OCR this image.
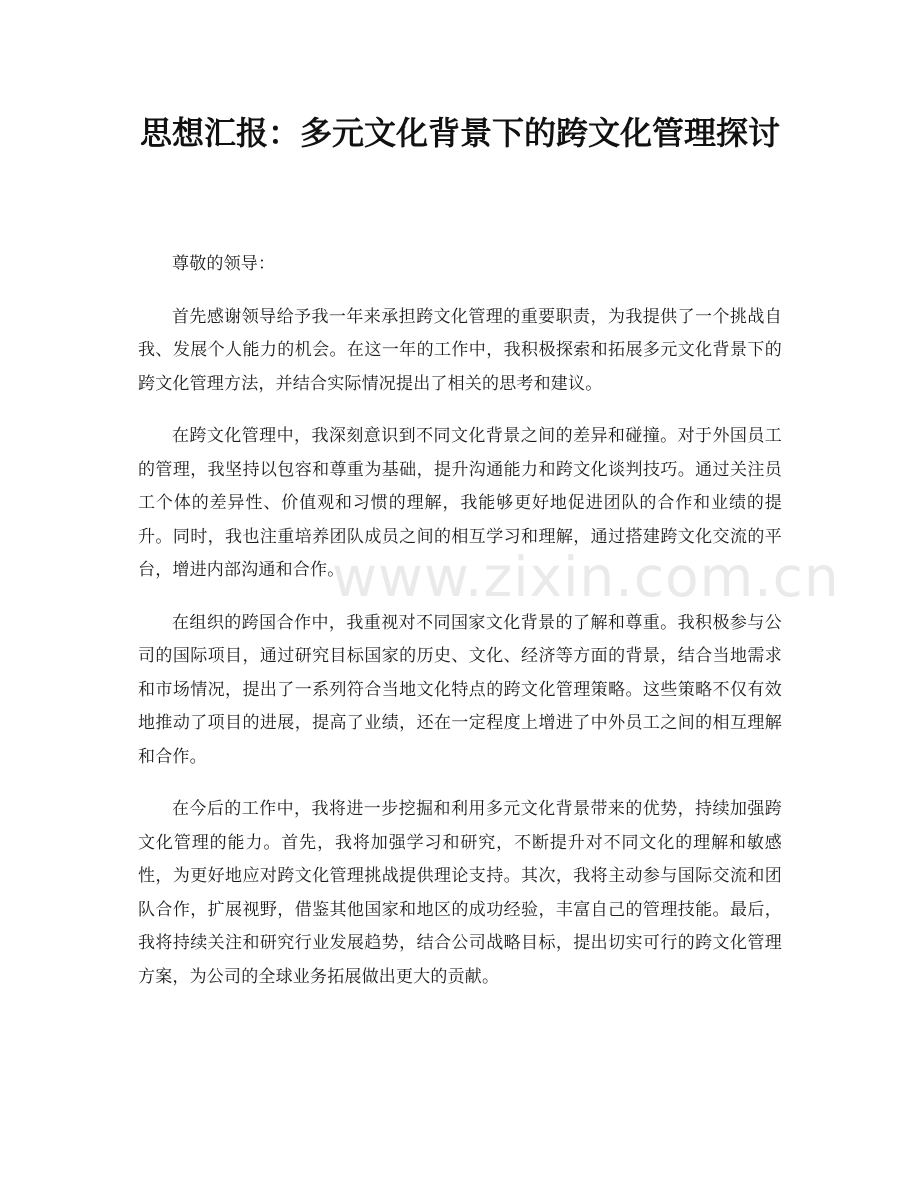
思想汇报：多元文化背景下的跨文化管理探讨

尊敬的领导：

首先感谢领导给予我一年来承担跨文化管理的重要职责，为我提供了一个挑战自我、发展个人能力的机会。在这一年的工作中，我积极探索和拓展多元文化背景下的跨文化管理方法，并结合实际情况提出了相关的思考和建议。

在跨文化管理中，我深刻意识到不同文化背景之间的差异和碰撞。对于外国员工的管理，我坚持以包容和尊重为基础，提升沟通能力和跨文化谈判技巧。通过关注员工个体的差异性、价值观和习惯的理解，我能够更好地促进团队的合作和业绩的提升。同时，我也注重培养团队成员之间的相互学习和理解，通过搭建跨文化交流的平台，增进内部沟通和合作。

在组织的跨国合作中，我重视对不同国家文化背景的了解和尊重。我积极参与公司的国际项目，通过研究目标国家的历史、文化、经济等方面的背景，结合当地需求和市场情况，提出了一系列符合当地文化特点的跨文化管理策略。这些策略不仅有效地推动了项目的进展，提高了业绩，还在一定程度上增进了中外员工之间的相互理解和合作。

在今后的工作中，我将进一步挖掘和利用多元文化背景带来的优势，持续加强跨文化管理的能力。首先，我将加强学习和研究，不断提升对不同文化的理解和敏感性，为更好地应对跨文化管理挑战提供理论支持。其次，我将主动参与国际交流和团队合作，扩展视野，借鉴其他国家和地区的成功经验，丰富自己的管理技能。最后，我将持续关注和研究行业发展趋势，结合公司战略目标，提出切实可行的跨文化管理方案，为公司的全球业务拓展做出更大的贡献。

www.zixin.com.cn
